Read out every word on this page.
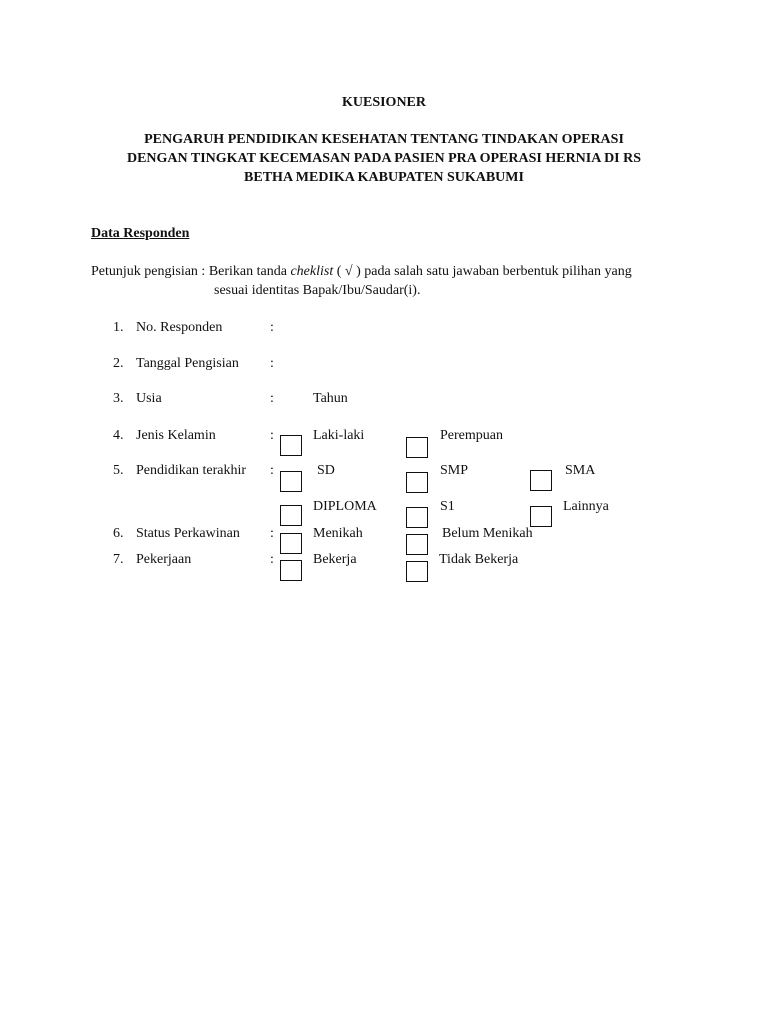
KUESIONER
PENGARUH PENDIDIKAN KESEHATAN TENTANG TINDAKAN OPERASI
DENGAN TINGKAT KECEMASAN PADA PASIEN PRA OPERASI HERNIA DI RS
BETHA MEDIKA KABUPATEN SUKABUMI
Data Responden
Petunjuk pengisian : Berikan tanda cheklist ( √ ) pada salah satu jawaban berbentuk pilihan yang
sesuai identitas Bapak/Ibu/Saudar(i).
1. No. Responden	:
2. Tanggal Pengisian :
3. Usia	:	Tahun
4. Jenis Kelamin	:	Laki-laki	Perempuan
5. Pendidikan terakhir :	SD	SMP	SMA
DIPLOMA	S1	Lainnya
6. Status Perkawinan :	Menikah	Belum Menikah
7. Pekerjaan	:	Bekerja	Tidak Bekerja
